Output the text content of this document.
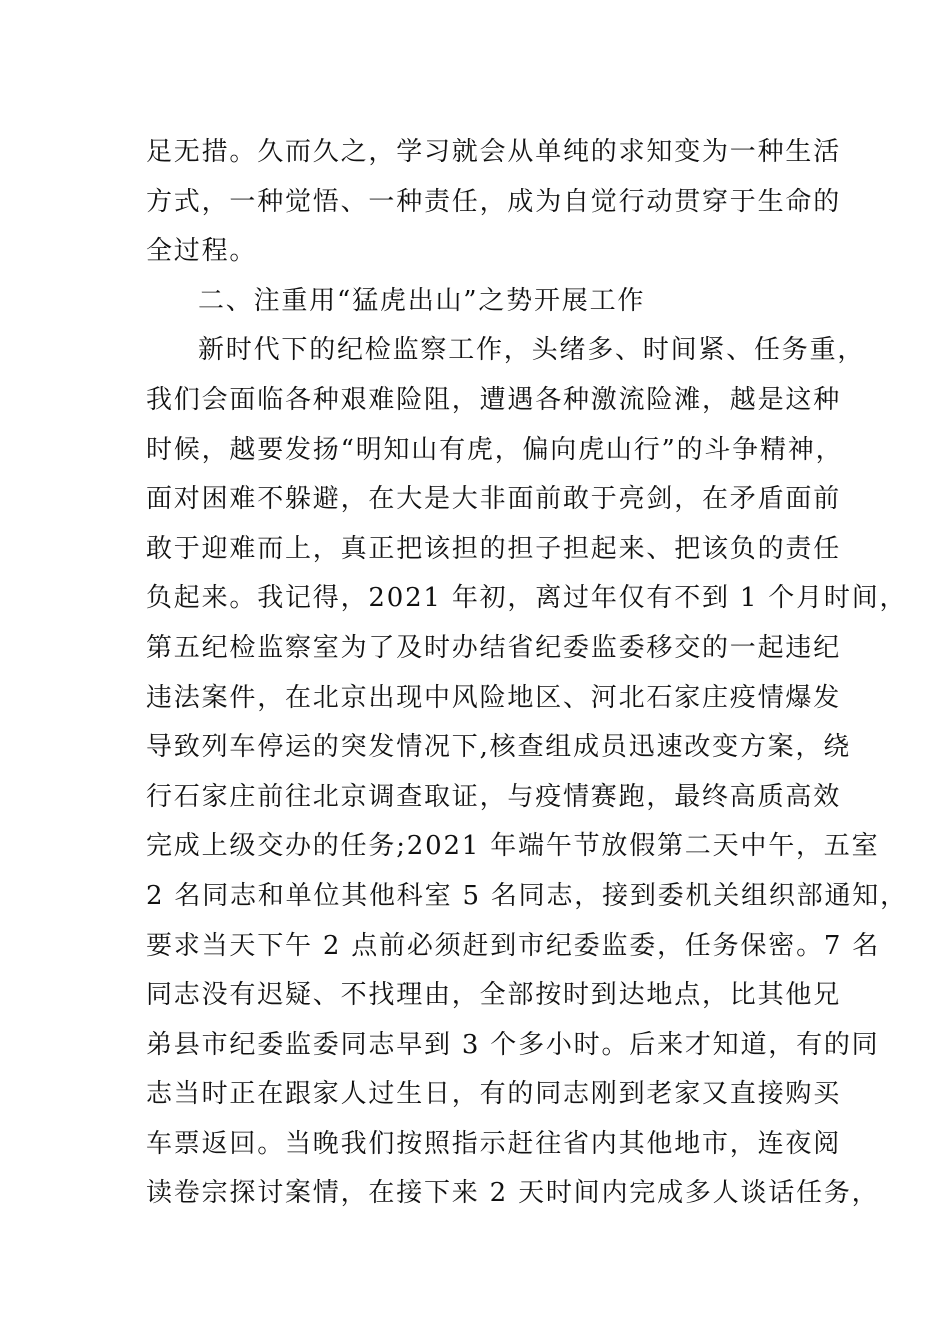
足无措。久而久之，学习就会从单纯的求知变为一种生活
方式，一种觉悟、一种责任，成为自觉行动贯穿于生命的
全过程。
二、注重用“猛虎出山”之势开展工作
新时代下的纪检监察工作，头绪多、时间紧、任务重，
我们会面临各种艰难险阻，遭遇各种激流险滩，越是这种
时候，越要发扬“明知山有虎，偏向虎山行”的斗争精神，
面对困难不躲避，在大是大非面前敢于亮剑，在矛盾面前
敢于迎难而上，真正把该担的担子担起来、把该负的责任
负起来。我记得，2021 年初，离过年仅有不到 1 个月时间，
第五纪检监察室为了及时办结省纪委监委移交的一起违纪
违法案件，在北京出现中风险地区、河北石家庄疫情爆发
导致列车停运的突发情况下,核查组成员迅速改变方案，绕
行石家庄前往北京调查取证，与疫情赛跑，最终高质高效
完成上级交办的任务;2021 年端午节放假第二天中午，五室
2 名同志和单位其他科室 5 名同志，接到委机关组织部通知，
要求当天下午 2 点前必须赶到市纪委监委，任务保密。7 名
同志没有迟疑、不找理由，全部按时到达地点，比其他兄
弟县市纪委监委同志早到 3 个多小时。后来才知道，有的同
志当时正在跟家人过生日，有的同志刚到老家又直接购买
车票返回。当晚我们按照指示赶往省内其他地市，连夜阅
读卷宗探讨案情，在接下来 2 天时间内完成多人谈话任务，
